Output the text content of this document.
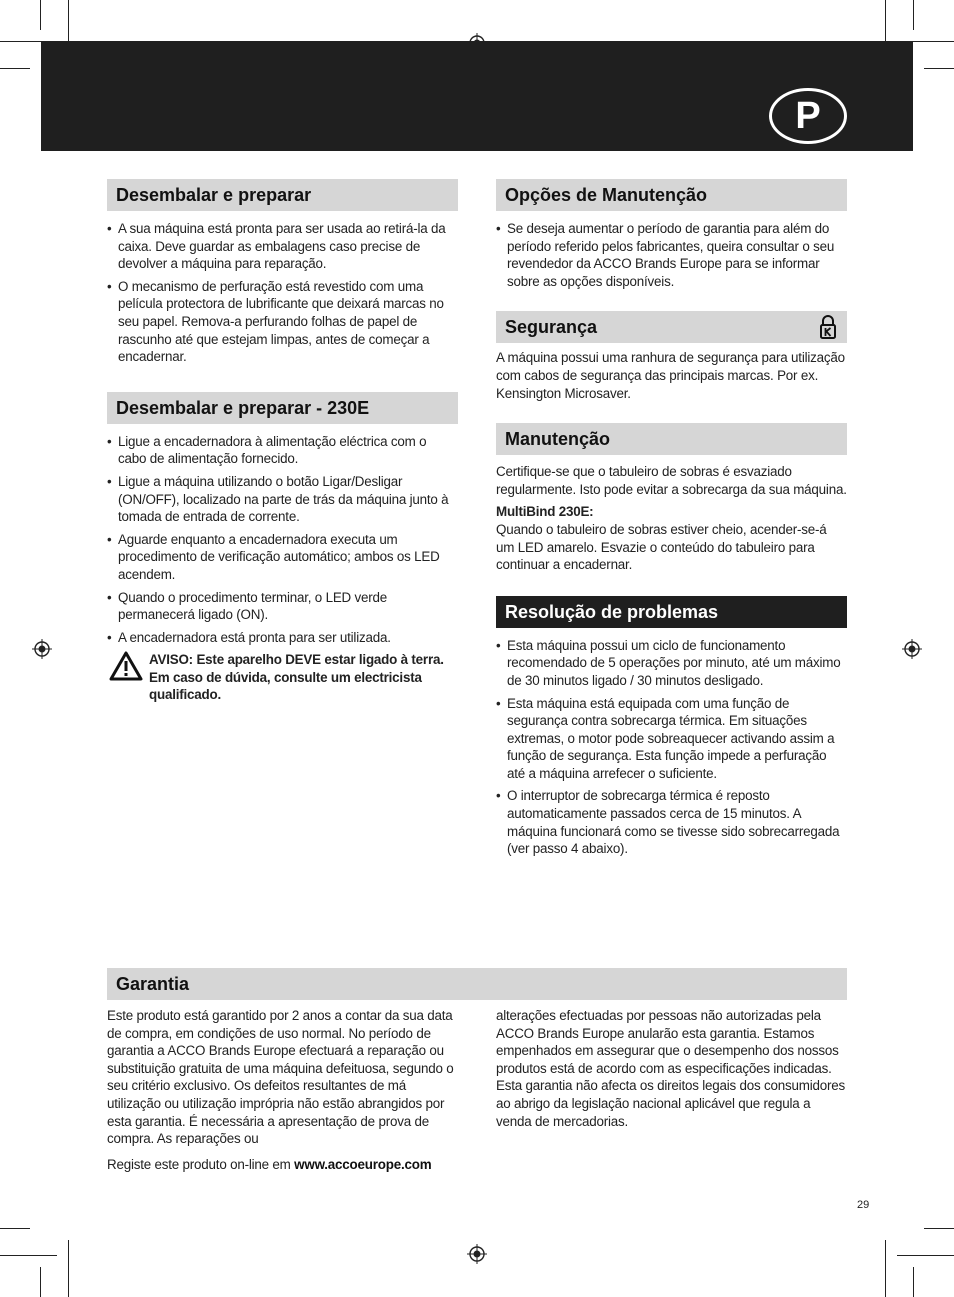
P
Desembalar e preparar
• A sua máquina está pronta para ser usada ao retirá-la da caixa. Deve guardar as embalagens caso precise de devolver a máquina para reparação.
• O mecanismo de perfuração está revestido com uma película protectora de lubrificante que deixará marcas no seu papel. Remova-a perfurando folhas de papel de rascunho até que estejam limpas, antes de começar a encadernar.
Desembalar e preparar - 230E
• Ligue a encadernadora à alimentação eléctrica com o cabo de alimentação fornecido.
• Ligue a máquina utilizando o botão Ligar/Desligar (ON/OFF), localizado na parte de trás da máquina junto à tomada de entrada de corrente.
• Aguarde enquanto a encadernadora executa um procedimento de verificação automático; ambos os LED acendem.
• Quando o procedimento terminar, o LED verde permanecerá ligado (ON).
• A encadernadora está pronta para ser utilizada.
AVISO: Este aparelho DEVE estar ligado à terra. Em caso de dúvida, consulte um electricista qualificado.
Opções de Manutenção
• Se deseja aumentar o período de garantia para além do período referido pelos fabricantes, queira consultar o seu revendedor da ACCO Brands Europe para se informar sobre as opções disponíveis.
Segurança

A máquina possui uma ranhura de segurança para utilização com cabos de segurança das principais marcas. Por ex. Kensington Microsaver.

Manutenção

Certifique-se que o tabuleiro de sobras é esvaziado regularmente. Isto pode evitar a sobrecarga da sua máquina.

MultiBind 230E:

Quando o tabuleiro de sobras estiver cheio, acender-se-á um LED amarelo. Esvazie o conteúdo do tabuleiro para continuar a encadernar.

Resolução de problemas
• Esta máquina possui um ciclo de funcionamento recomendado de 5 operações por minuto, até um máximo de 30 minutos ligado / 30 minutos desligado.
• Esta máquina está equipada com uma função de segurança contra sobrecarga térmica. Em situações extremas, o motor pode sobreaquecer activando assim a função de segurança. Esta função impede a perfuração até a máquina arrefecer o suficiente.
• O interruptor de sobrecarga térmica é reposto automaticamente passados cerca de 15 minutos. A máquina funcionará como se tivesse sido sobrecarregada (ver passo 4 abaixo).
Garantia

Este produto está garantido por 2 anos a contar da sua data de compra, em condições de uso normal. No período de garantia a ACCO Brands Europe efectuará a reparação ou substituição gratuita de uma máquina defeituosa, segundo o seu critério exclusivo. Os defeitos resultantes de má utilização ou utilização imprópria não estão abrangidos por esta garantia. É necessária a apresentação de prova de compra. As reparações ou

Registe este produto on-line em www.accoeurope.com

alterações efectuadas por pessoas não autorizadas pela ACCO Brands Europe anularão esta garantia. Estamos empenhados em assegurar que o desempenho dos nossos produtos está de acordo com as especificações indicadas. Esta garantia não afecta os direitos legais dos consumidores ao abrigo da legislação nacional aplicável que regula a venda de mercadorias.

29
